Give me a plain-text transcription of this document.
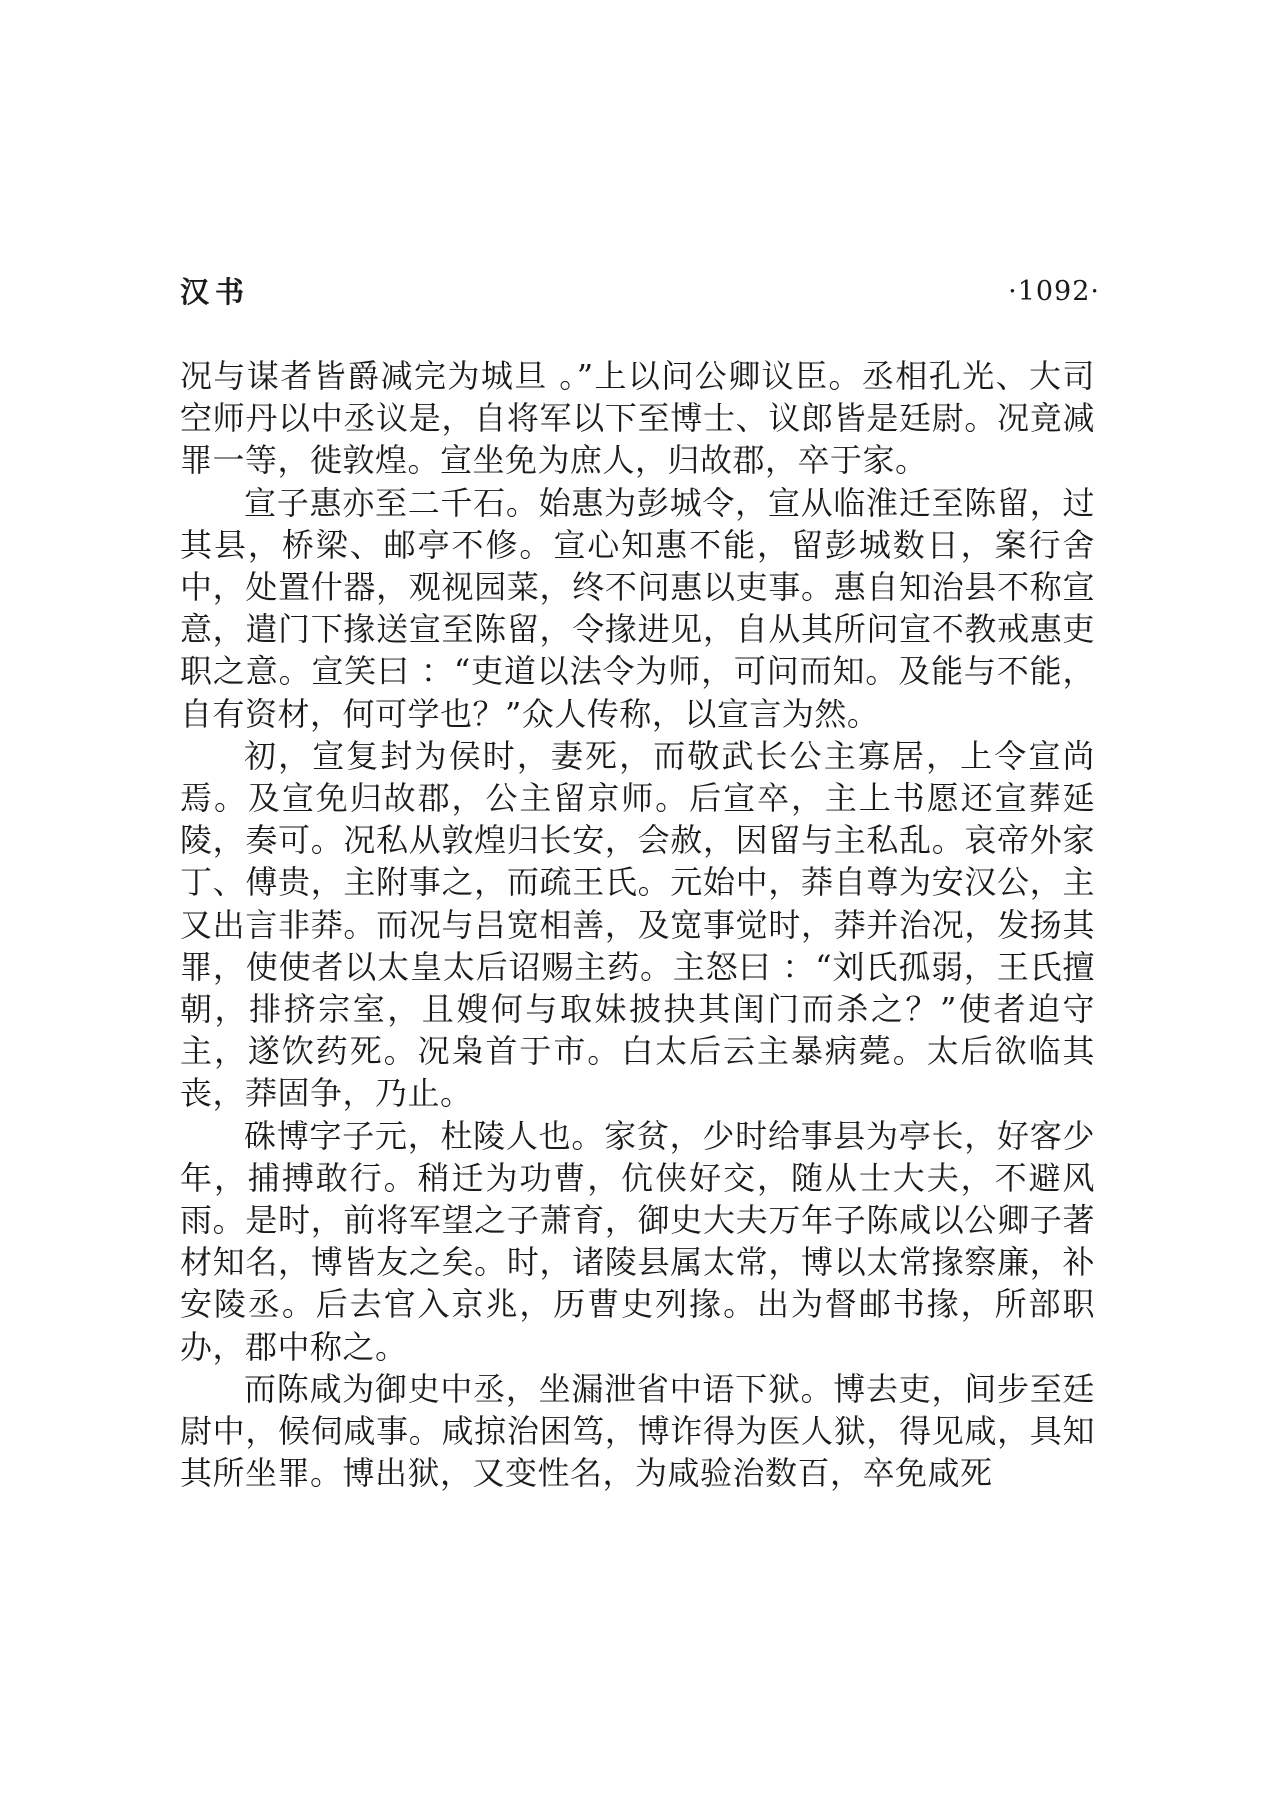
汉书	·1092·

况与谋者皆爵减完为城旦 。”上以问公卿议臣。丞相孔光、大司空师丹以中丞议是，自将军以下至博士、议郎皆是廷尉。况竟减罪一等，徙敦煌。宣坐免为庶人，归故郡，卒于家。

宣子惠亦至二千石。始惠为彭城令，宣从临淮迁至陈留，过其县，桥梁、邮亭不修。宣心知惠不能，留彭城数日，案行舍中，处置什器，观视园菜，终不问惠以吏事。惠自知治县不称宣意，遣门下掾送宣至陈留，令掾进见，自从其所问宣不教戒惠吏职之意。宣笑曰 ：“吏道以法令为师，可问而知。及能与不能，自有资材，何可学也？”众人传称，以宣言为然。

初，宣复封为侯时，妻死，而敬武长公主寡居，上令宣尚焉。及宣免归故郡，公主留京师。后宣卒，主上书愿还宣葬延陵，奏可。况私从敦煌归长安，会赦，因留与主私乱。哀帝外家丁、傅贵，主附事之，而疏王氏。元始中，莽自尊为安汉公，主又出言非莽。而况与吕宽相善，及宽事觉时，莽并治况，发扬其罪，使使者以太皇太后诏赐主药。主怒曰 ：“刘氏孤弱，王氏擅朝，排挤宗室，且嫂何与取妹披抉其闺门而杀之？”使者迫守主，遂饮药死。况枭首于市。白太后云主暴病薨。太后欲临其丧，莽固争，乃止。

硃博字子元，杜陵人也。家贫，少时给事县为亭长，好客少年，捕搏敢行。稍迁为功曹，伉侠好交，随从士大夫，不避风雨。是时，前将军望之子萧育，御史大夫万年子陈咸以公卿子著材知名，博皆友之矣。时，诸陵县属太常，博以太常掾察廉，补安陵丞。后去官入京兆，历曹史列掾。出为督邮书掾，所部职办，郡中称之。

而陈咸为御史中丞，坐漏泄省中语下狱。博去吏，间步至廷尉中，候伺咸事。咸掠治困笃，博诈得为医人狱，得见咸，具知其所坐罪。博出狱，又变性名，为咸验治数百，卒免咸死
